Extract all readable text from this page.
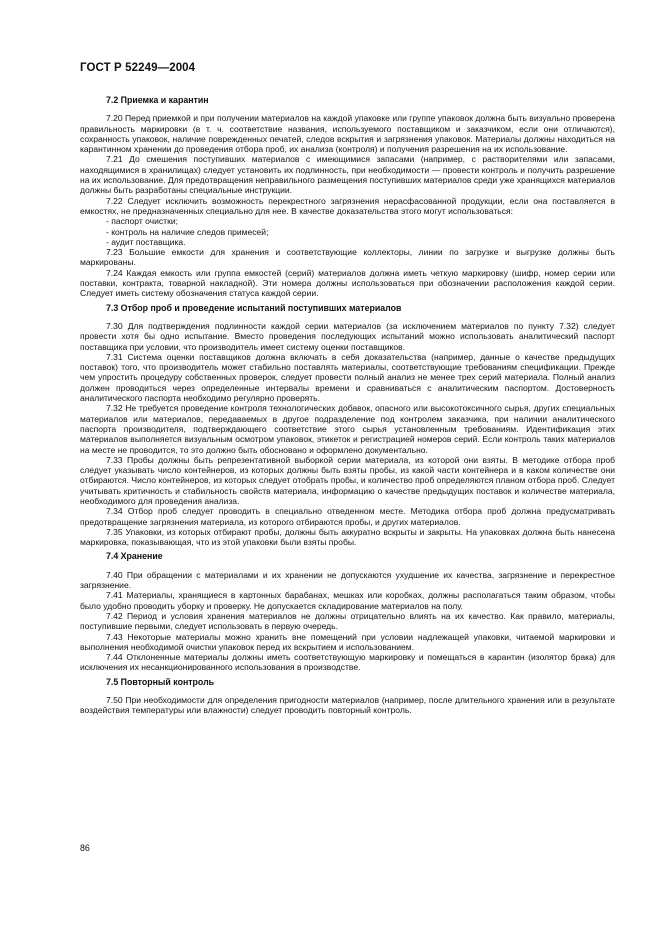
ГОСТ Р 52249—2004
7.2 Приемка и карантин

7.20 Перед приемкой и при получении материалов на каждой упаковке или группе упаковок должна быть визуально проверена правильность маркировки (в т. ч. соответствие названия, используемого поставщиком и заказчиком, если они отличаются), сохранность упаковок, наличие поврежденных печатей, следов вскрытия и загрязнения упаковок. Материалы должны находиться на карантинном хранении до проведения отбора проб, их анализа (контроля) и получения разрешения на их использование.

7.21 До смешения поступивших материалов с имеющимися запасами (например, с растворителями или запасами, находящимися в хранилищах) следует установить их подлинность, при необходимости — провести контроль и получить разрешение на их использование. Для предотвращения неправильного размещения поступивших материалов среди уже хранящихся материалов должны быть разработаны специальные инструкции.

7.22 Следует исключить возможность перекрестного загрязнения нерасфасованной продукции, если она поставляется в емкостях, не предназначенных специально для нее. В качестве доказательства этого могут использоваться:

- паспорт очистки;
- контроль на наличие следов примесей;
- аудит поставщика.

7.23 Большие емкости для хранения и соответствующие коллекторы, линии по загрузке и выгрузке должны быть маркированы.

7.24 Каждая емкость или группа емкостей (серий) материалов должна иметь четкую маркировку (шифр, номер серии или поставки, контракта, товарной накладной). Эти номера должны использоваться при обозначении расположения каждой серии. Следует иметь систему обозначения статуса каждой серии.

7.3 Отбор проб и проведение испытаний поступивших материалов

7.30 Для подтверждения подлинности каждой серии материалов (за исключением материалов по пункту 7.32) следует провести хотя бы одно испытание. Вместо проведения последующих испытаний можно использовать аналитический паспорт поставщика при условии, что производитель имеет систему оценки поставщиков.

7.31 Система оценки поставщиков должна включать в себя доказательства (например, данные о качестве предыдущих поставок) того, что производитель может стабильно поставлять материалы, соответствующие требованиям спецификации. Прежде чем упростить процедуру собственных проверок, следует провести полный анализ не менее трех серий материала. Полный анализ должен проводиться через определенные интервалы времени и сравниваться с аналитическим паспортом. Достоверность аналитического паспорта необходимо регулярно проверять.

7.32 Не требуется проведение контроля технологических добавок, опасного или высокотоксичного сырья, других специальных материалов или материалов, передаваемых в другое подразделение под контролем заказчика, при наличии аналитического паспорта производителя, подтверждающего соответствие этого сырья установленным требованиям. Идентификация этих материалов выполняется визуальным осмотром упаковок, этикеток и регистрацией номеров серий. Если контроль таких материалов на месте не проводится, то это должно быть обосновано и оформлено документально.

7.33 Пробы должны быть репрезентативной выборкой серии материала, из которой они взяты. В методике отбора проб следует указывать число контейнеров, из которых должны быть взяты пробы, из какой части контейнера и в каком количестве они отбираются. Число контейнеров, из которых следует отобрать пробы, и количество проб определяются планом отбора проб. Следует учитывать критичность и стабильность свойств материала, информацию о качестве предыдущих поставок и количестве материала, необходимого для проведения анализа.

7.34 Отбор проб следует проводить в специально отведенном месте. Методика отбора проб должна предусматривать предотвращение загрязнения материала, из которого отбираются пробы, и других материалов.

7.35 Упаковки, из которых отбирают пробы, должны быть аккуратно вскрыты и закрыты. На упаковках должна быть нанесена маркировка, показывающая, что из этой упаковки были взяты пробы.

7.4 Хранение

7.40 При обращении с материалами и их хранении не допускаются ухудшение их качества, загрязнение и перекрестное загрязнение.

7.41 Материалы, хранящиеся в картонных барабанах, мешках или коробках, должны располагаться таким образом, чтобы было удобно проводить уборку и проверку. Не допускается складирование материалов на полу.

7.42 Период и условия хранения материалов не должны отрицательно влиять на их качество. Как правило, материалы, поступившие первыми, следует использовать в первую очередь.

7.43 Некоторые материалы можно хранить вне помещений при условии надлежащей упаковки, читаемой маркировки и выполнения необходимой очистки упаковок перед их вскрытием и использованием.

7.44 Отклоненные материалы должны иметь соответствующую маркировку и помещаться в карантин (изолятор брака) для исключения их несанкционированного использования в производстве.

7.5 Повторный контроль

7.50 При необходимости для определения пригодности материалов (например, после длительного хранения или в результате воздействия температуры или влажности) следует проводить повторный контроль.

86
